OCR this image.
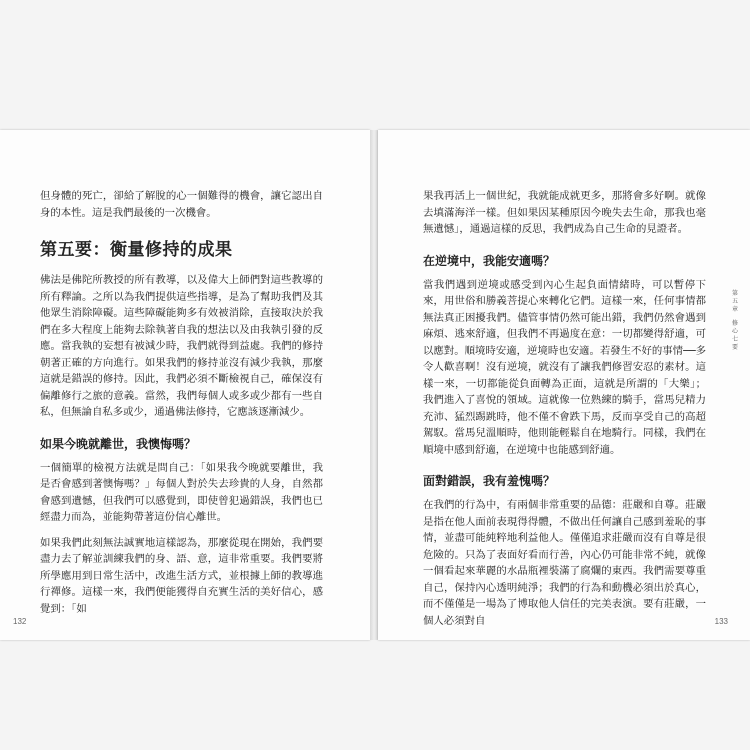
但身體的死亡，卻給了解脫的心一個難得的機會，讓它認出自身的本性。這是我們最後的一次機會。

第五要：衡量修持的成果

佛法是佛陀所教授的所有教導，以及偉大上師們對這些教導的所有釋論。之所以為我們提供這些指導，是為了幫助我們及其他眾生消除障礙。這些障礙能夠多有效被消除，直接取決於我們在多大程度上能夠去除執著自我的想法以及由我執引發的反應。當我執的妄想有被減少時，我們就得到益處。我們的修持朝著正確的方向進行。如果我們的修持並沒有減少我執，那麼這就是錯誤的修持。因此，我們必須不斷檢視自己，確保沒有偏離修行之旅的意義。當然，我們每個人或多或少都有一些自私，但無論自私多或少，通過佛法修持，它應該逐漸減少。

如果今晚就離世，我懊悔嗎？

一個簡單的檢視方法就是問自己：「如果我今晚就要離世，我是否會感到著懊悔嗎？」每個人對於失去珍貴的人身，自然都會感到遺憾，但我們可以感覺到，即使曾犯過錯誤，我們也已經盡力而為，並能夠帶著這份信心離世。

如果我們此刻無法誠實地這樣認為，那麼從現在開始，我們要盡力去了解並訓練我們的身、語、意，這非常重要。我們要將所學應用到日常生活中，改進生活方式，並根據上師的教導進行禪修。這樣一來，我們便能獲得自充實生活的美好信心，感覺到：「如

132

果我再活上一個世紀，我就能成就更多，那將會多好啊。就像去填滿海洋一樣。但如果因某種原因今晚失去生命，那我也毫無遺憾」，通過這樣的反思，我們成為自己生命的見證者。

在逆境中，我能安適嗎？

當我們遇到逆境或感受到內心生起負面情緒時，可以暫停下來，用世俗和勝義菩提心來轉化它們。這樣一來，任何事情都無法真正困擾我們。儘管事情仍然可能出錯，我們仍然會遇到麻煩、逃來舒適，但我們不再過度在意：一切都變得舒適，可以應對。順境時安適，逆境時也安適。若發生不好的事情──多令人歡喜啊！沒有逆境，就沒有了讓我們修習安忍的素材。這樣一來，一切都能從負面轉為正面，這就是所謂的「大樂」；我們進入了喜悅的領域。這就像一位熟練的騎手，當馬兒精力充沛、猛烈踢跳時，他不僅不會跌下馬，反而享受自己的高超駕馭。當馬兒溫順時，他則能輕鬆自在地騎行。同樣，我們在順境中感到舒適，在逆境中也能感到舒適。

面對錯誤，我有羞愧嗎？

在我們的行為中，有兩個非常重要的品德：莊嚴和自尊。莊嚴是指在他人面前表現得得體，不做出任何讓自己感到羞恥的事情，並盡可能純粹地利益他人。僅僅追求莊嚴而沒有自尊是很危險的。只為了表面好看而行善，內心仍可能非常不純，就像一個看起來華麗的水晶瓶裡裝滿了腐爛的東西。我們需要尊重自己，保持內心透明純淨；我們的行為和動機必須出於真心，而不僅僅是一場為了博取他人信任的完美表演。要有莊嚴，一個人必須對自

第五章
修心七要
133
